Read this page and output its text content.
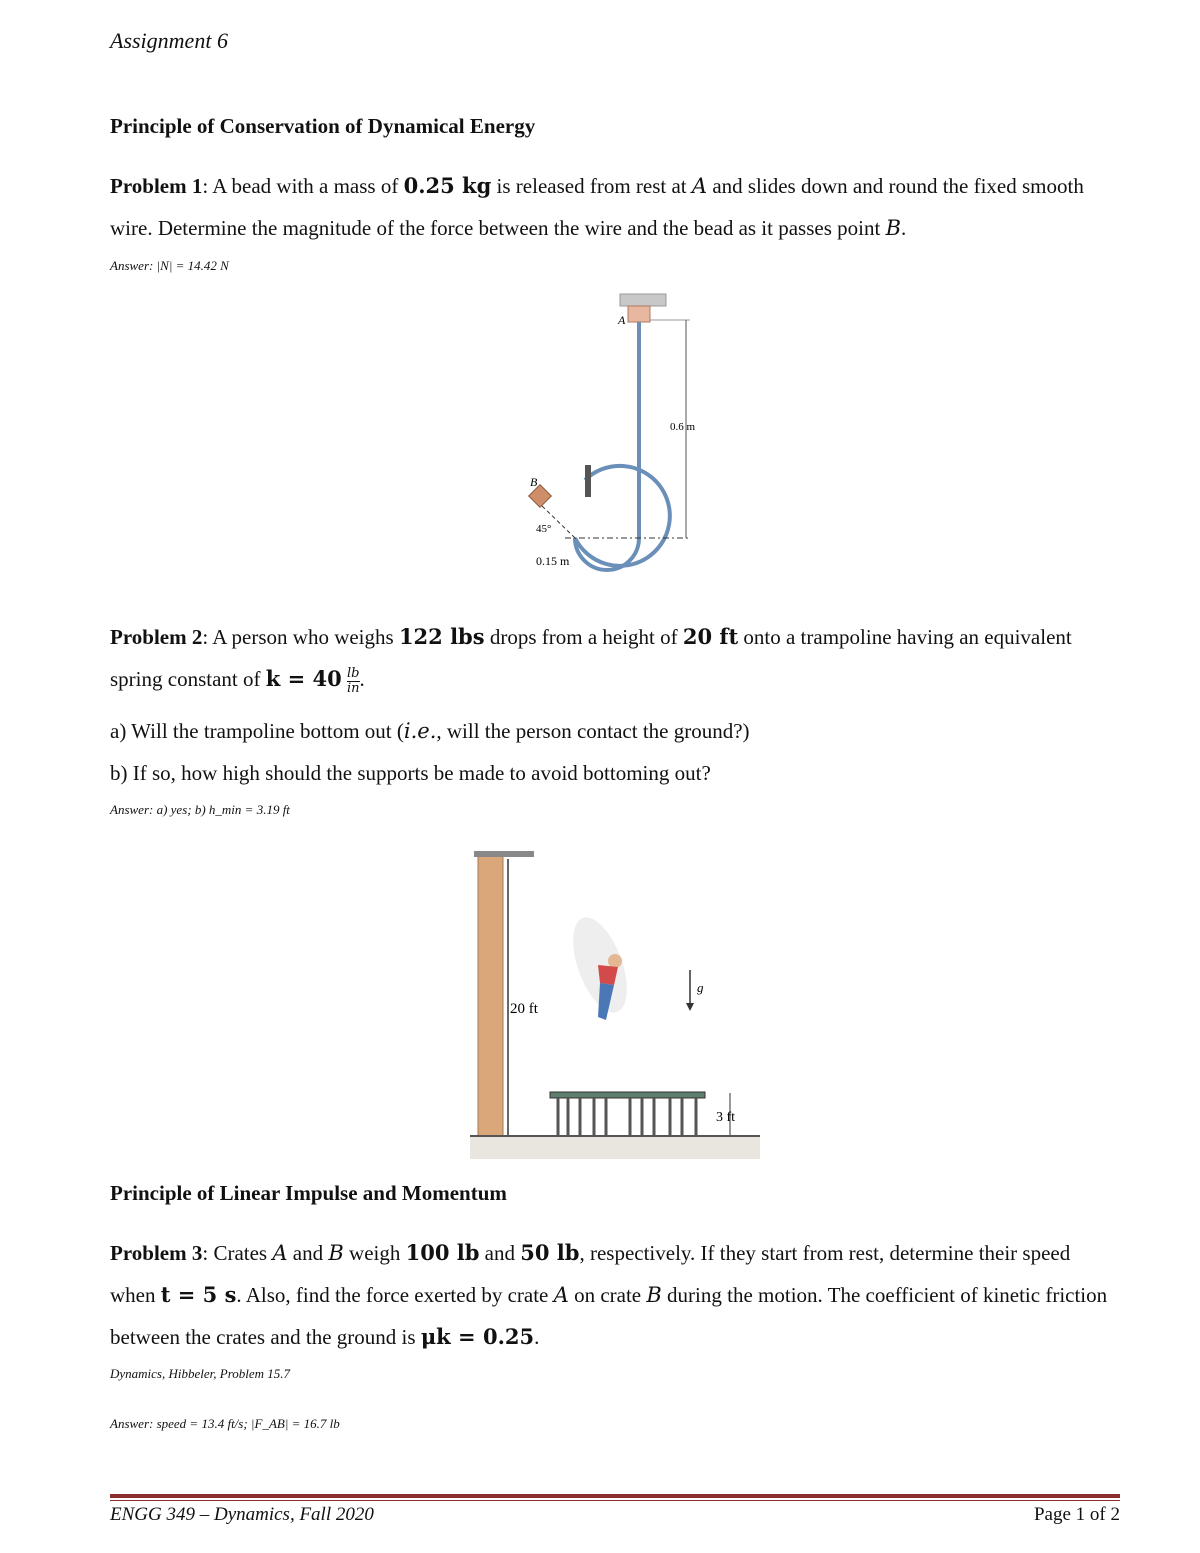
Assignment 6
Principle of Conservation of Dynamical Energy
Problem 1: A bead with a mass of 0.25 kg is released from rest at A and slides down and round the fixed smooth wire. Determine the magnitude of the force between the wire and the bead as it passes point B.
Answer: |N| = 14.42 N
A
B
45°
0.15 m
0.6 m
Problem 2: A person who weighs 122 lbs drops from a height of 20 ft onto a trampoline having an equivalent spring constant of $k = 40 \frac{lb}{in}$ .
a) Will the trampoline bottom out (i.e., will the person contact the ground?)
b) If so, how high should the supports be made to avoid bottoming out?
Answer: a) yes; b) h_min = 3.19 ft
20 ft
g
3 ft
Principle of Linear Impulse and Momentum
Problem 3: Crates A and B weigh 100 lb and 50 lb, respectively. If they start from rest, determine their speed when t = 5 s. Also, find the force exerted by crate A on crate B during the motion. The coefficient of kinetic friction between the crates and the ground is μk = 0.25.
Dynamics, Hibbeler, Problem 15.7
Answer: speed = 13.4 ft/s; |F_AB| = 16.7 lb
ENGG 349 – Dynamics, Fall 2020	Page 1 of 2
